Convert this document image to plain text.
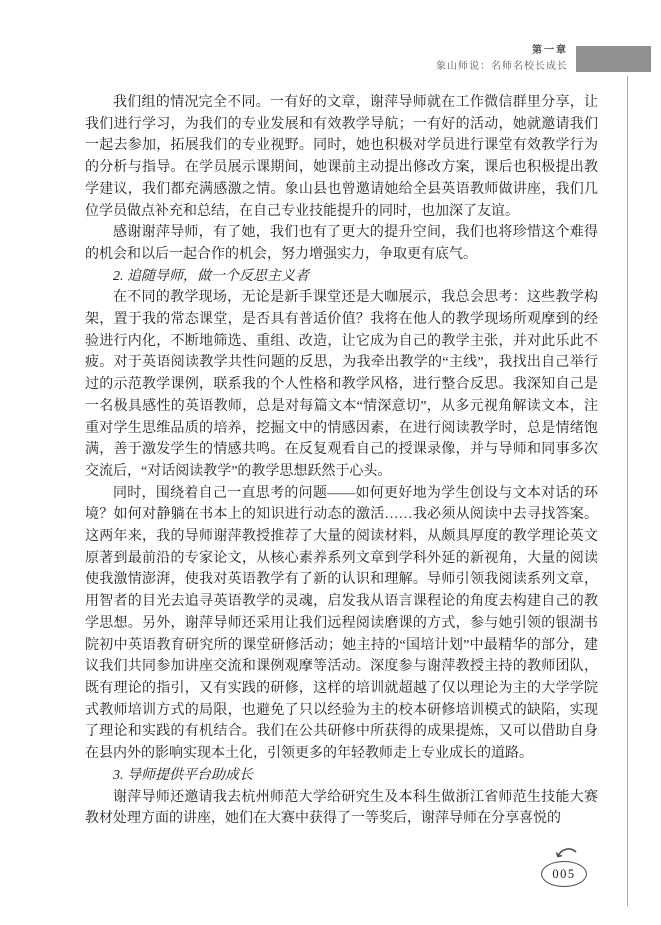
第一章
象山师说：名师名校长成长

我们组的情况完全不同。一有好的文章，谢萍导师就在工作微信群里分享，让我们进行学习，为我们的专业发展和有效教学导航；一有好的活动，她就邀请我们一起去参加，拓展我们的专业视野。同时，她也积极对学员进行课堂有效教学行为的分析与指导。在学员展示课期间，她课前主动提出修改方案，课后也积极提出教学建议，我们都充满感激之情。象山县也曾邀请她给全县英语教师做讲座，我们几位学员做点补充和总结，在自己专业技能提升的同时，也加深了友谊。

感谢谢萍导师，有了她，我们也有了更大的提升空间，我们也将珍惜这个难得的机会和以后一起合作的机会，努力增强实力，争取更有底气。

2. 追随导师，做一个反思主义者

在不同的教学现场，无论是新手课堂还是大咖展示，我总会思考：这些教学构架，置于我的常态课堂，是否具有普适价值？我将在他人的教学现场所观摩到的经验进行内化，不断地筛选、重组、改造，让它成为自己的教学主张，并对此乐此不疲。对于英语阅读教学共性问题的反思，为我牵出教学的“主线”，我找出自己举行过的示范教学课例，联系我的个人性格和教学风格，进行整合反思。我深知自己是一名极具感性的英语教师，总是对每篇文本“情深意切”，从多元视角解读文本，注重对学生思维品质的培养，挖掘文中的情感因素，在进行阅读教学时，总是情绪饱满，善于激发学生的情感共鸣。在反复观看自己的授课录像，并与导师和同事多次交流后，“对话阅读教学”的教学思想跃然于心头。

同时，围绕着自己一直思考的问题——如何更好地为学生创设与文本对话的环境？如何对静躺在书本上的知识进行动态的激活……我必须从阅读中去寻找答案。这两年来，我的导师谢萍教授推荐了大量的阅读材料，从颇具厚度的教学理论英文原著到最前沿的专家论文，从核心素养系列文章到学科外延的新视角，大量的阅读使我激情澎湃，使我对英语教学有了新的认识和理解。导师引领我阅读系列文章，用智者的目光去追寻英语教学的灵魂，启发我从语言课程论的角度去构建自己的教学思想。另外，谢萍导师还采用让我们远程阅读磨课的方式，参与她引领的银湖书院初中英语教育研究所的课堂研修活动；她主持的“国培计划”中最精华的部分，建议我们共同参加讲座交流和课例观摩等活动。深度参与谢萍教授主持的教师团队，既有理论的指引，又有实践的研修，这样的培训就超越了仅以理论为主的大学学院式教师培训方式的局限，也避免了只以经验为主的校本研修培训模式的缺陷，实现了理论和实践的有机结合。我们在公共研修中所获得的成果提炼，又可以借助自身在县内外的影响实现本土化，引领更多的年轻教师走上专业成长的道路。

3. 导师提供平台助成长

谢萍导师还邀请我去杭州师范大学给研究生及本科生做浙江省师范生技能大赛教材处理方面的讲座，她们在大赛中获得了一等奖后，谢萍导师在分享喜悦的

005
